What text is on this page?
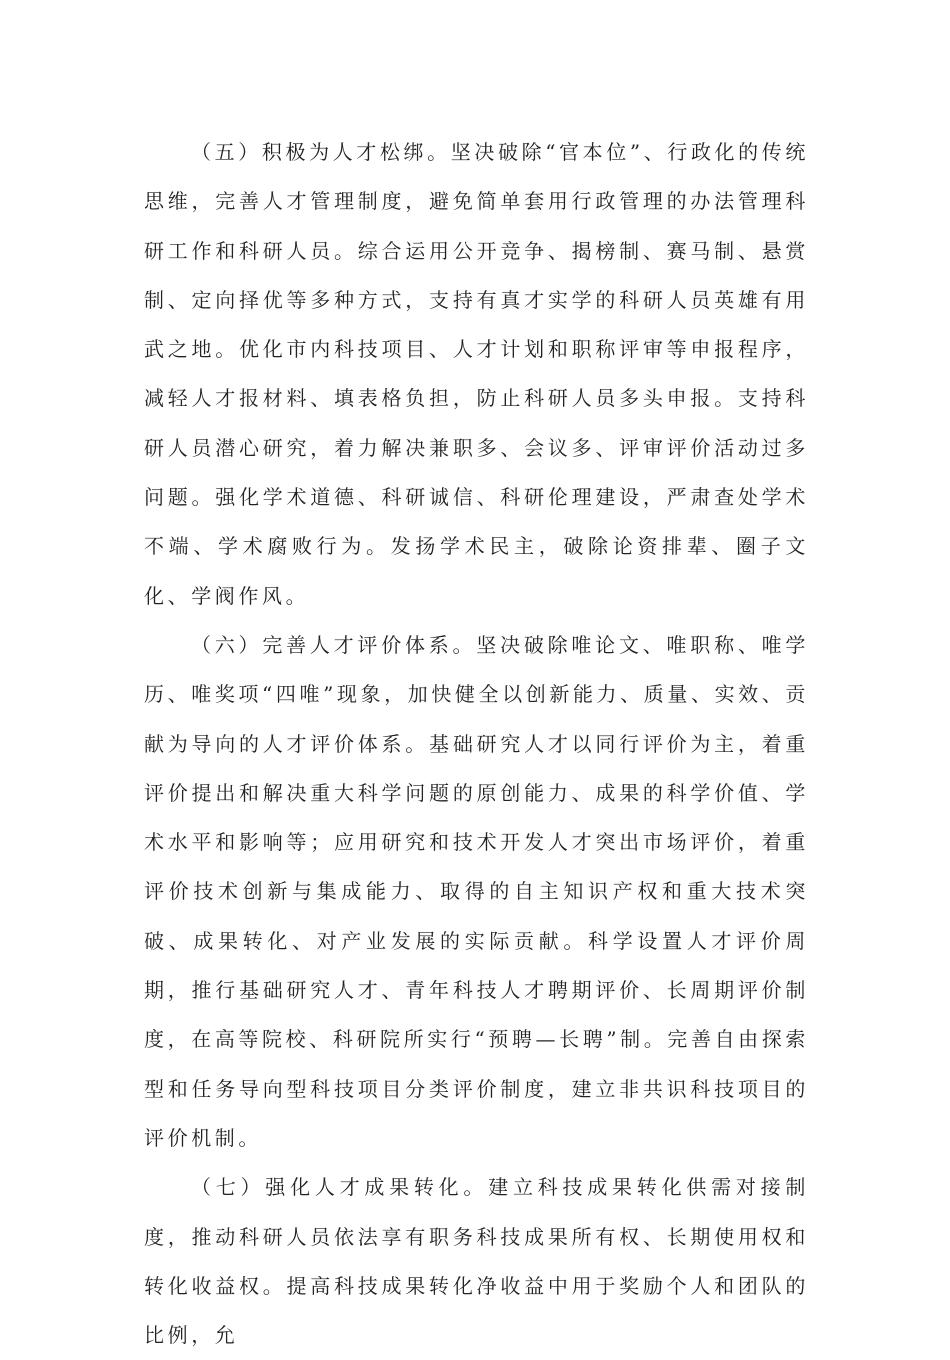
（五）积极为人才松绑。坚决破除“官本位”、行政化的传统思维，完善人才管理制度，避免简单套用行政管理的办法管理科研工作和科研人员。综合运用公开竞争、揭榜制、赛马制、悬赏制、定向择优等多种方式，支持有真才实学的科研人员英雄有用武之地。优化市内科技项目、人才计划和职称评审等申报程序，减轻人才报材料、填表格负担，防止科研人员多头申报。支持科研人员潜心研究，着力解决兼职多、会议多、评审评价活动过多问题。强化学术道德、科研诚信、科研伦理建设，严肃查处学术不端、学术腐败行为。发扬学术民主，破除论资排辈、圈子文化、学阀作风。

（六）完善人才评价体系。坚决破除唯论文、唯职称、唯学历、唯奖项“四唯”现象，加快健全以创新能力、质量、实效、贡献为导向的人才评价体系。基础研究人才以同行评价为主，着重评价提出和解决重大科学问题的原创能力、成果的科学价值、学术水平和影响等；应用研究和技术开发人才突出市场评价，着重评价技术创新与集成能力、取得的自主知识产权和重大技术突破、成果转化、对产业发展的实际贡献。科学设置人才评价周期，推行基础研究人才、青年科技人才聘期评价、长周期评价制度，在高等院校、科研院所实行“预聘—长聘”制。完善自由探索型和任务导向型科技项目分类评价制度，建立非共识科技项目的评价机制。

（七）强化人才成果转化。建立科技成果转化供需对接制度，推动科研人员依法享有职务科技成果所有权、长期使用权和转化收益权。提高科技成果转化净收益中用于奖励个人和团队的比例，允
